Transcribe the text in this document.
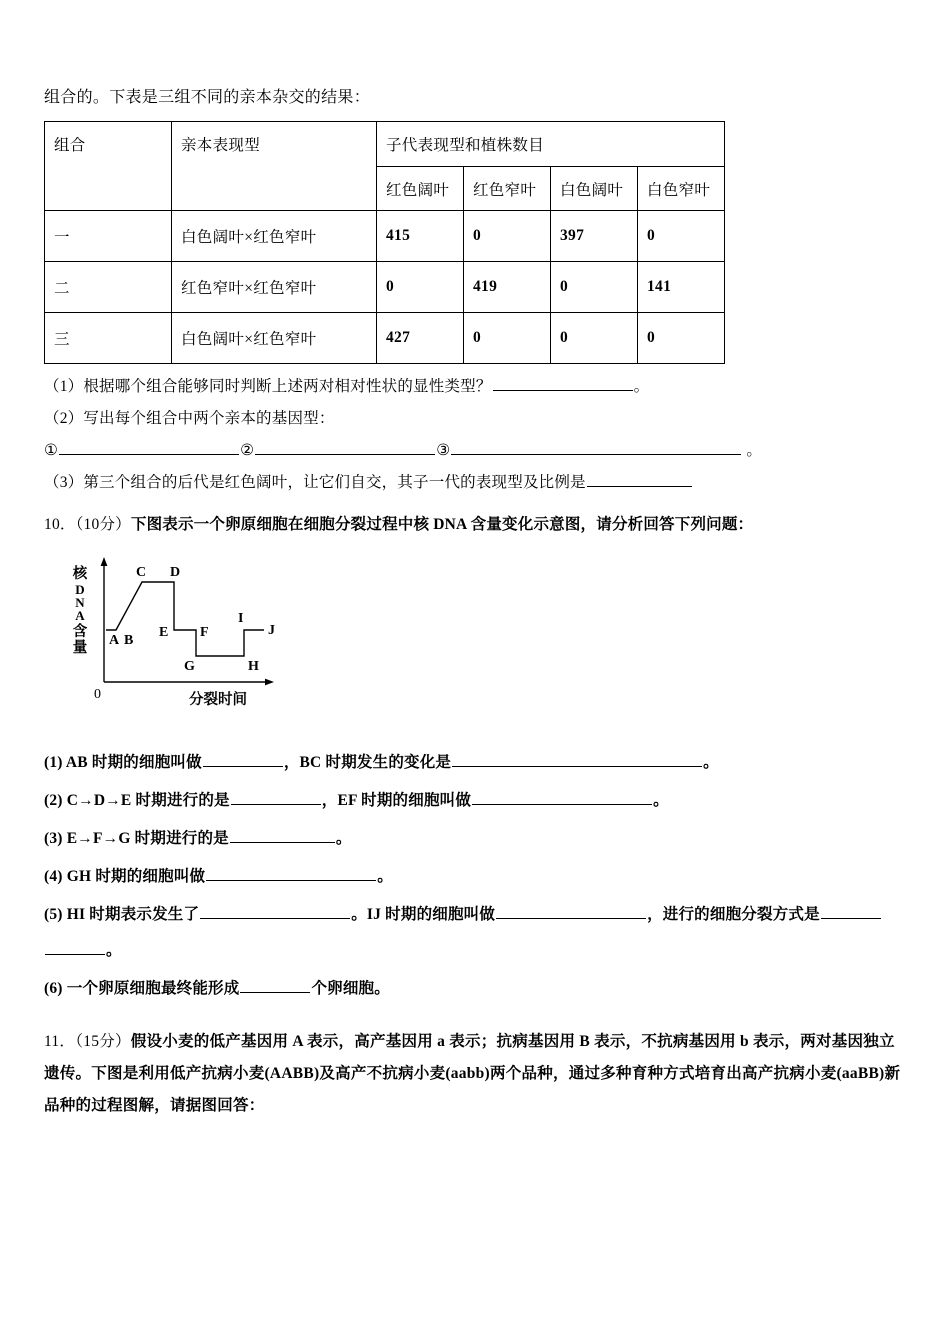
组合的。下表是三组不同的亲本杂交的结果：
组合	亲本表现型	子代表现型和植株数目			
		红色阔叶	红色窄叶	白色阔叶	白色窄叶
一	白色阔叶×红色窄叶	415	0	397	0
二	红色窄叶×红色窄叶	0	419	0	141
三	白色阔叶×红色窄叶	427	0	0	0
（1）根据哪个组合能够同时判断上述两对相对性状的显性类型？	。
（2）写出每个组合中两个亲本的基因型：
①	②	③	。
（3）第三个组合的后代是红色阔叶，让它们自交，其子一代的表现型及比例是
10．（10分）下图表示一个卵原细胞在细胞分裂过程中核 DNA 含量变化示意图，请分析回答下列问题：
核
D
N
A
含
量
0	分裂时间
A B
C D
E F
G	H
I
J
(1) AB 时期的细胞叫做	，BC 时期发生的变化是	。
(2) C→D→E 时期进行的是	，EF 时期的细胞叫做	。
(3) E→F→G 时期进行的是	。
(4) GH 时期的细胞叫做	。
(5) HI 时期表示发生了	。IJ 时期的细胞叫做	，进行的细胞分裂方式是
。
(6) 一个卵原细胞最终能形成	个卵细胞。
11．（15分）假设小麦的低产基因用 A 表示，高产基因用 a 表示；抗病基因用 B 表示，不抗病基因用 b 表示，两对基因独立遗传。下图是利用低产抗病小麦(AABB)及高产不抗病小麦(aabb)两个品种，通过多种育种方式培育出高产抗病小麦(aaBB)新品种的过程图解，请据图回答：
